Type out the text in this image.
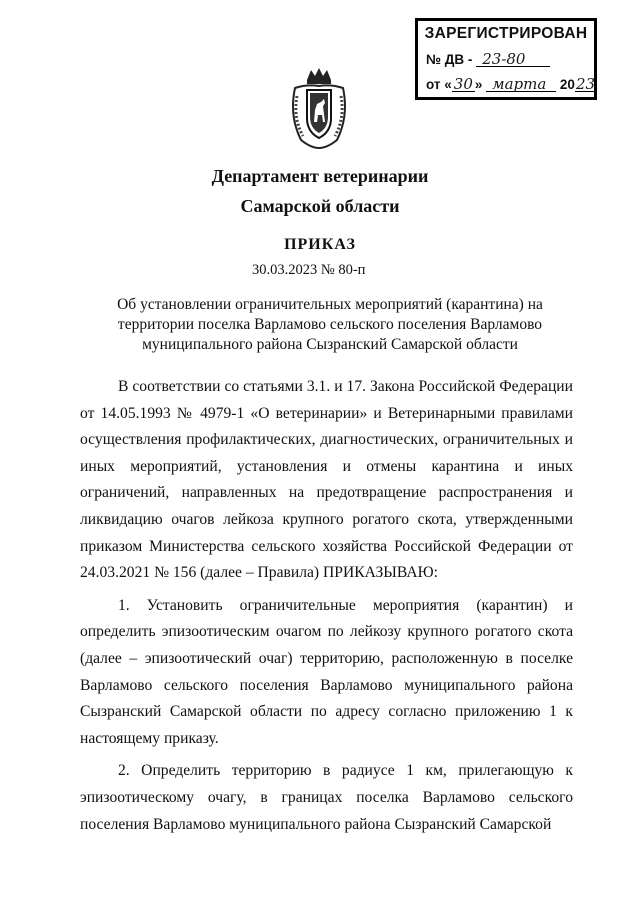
ЗАРЕГИСТРИРОВАН
№ ДВ - 23-80
от « 30 » марта 2023
Департамент ветеринарии
Самарской области
ПРИКАЗ
30.03.2023 № 80-п
Об установлении ограничительных мероприятий (карантина) на территории поселка Варламово сельского поселения Варламово муниципального района Сызранский Самарской области

В соответствии со статьями 3.1. и 17. Закона Российской Федерации от 14.05.1993 № 4979-1 «О ветеринарии» и Ветеринарными правилами осуществления профилактических, диагностических, ограничительных и иных мероприятий, установления и отмены карантина и иных ограничений, направленных на предотвращение распространения и ликвидацию очагов лейкоза крупного рогатого скота, утвержденными приказом Министерства сельского хозяйства Российской Федерации от 24.03.2021 № 156 (далее – Правила) ПРИКАЗЫВАЮ:

1. Установить ограничительные мероприятия (карантин) и определить эпизоотическим очагом по лейкозу крупного рогатого скота (далее – эпизоотический очаг) территорию, расположенную в поселке Варламово сельского поселения Варламово муниципального района Сызранский Самарской области по адресу согласно приложению 1 к настоящему приказу.

2. Определить территорию в радиусе 1 км, прилегающую к эпизоотическому очагу, в границах поселка Варламово сельского поселения Варламово муниципального района Сызранский Самарской
